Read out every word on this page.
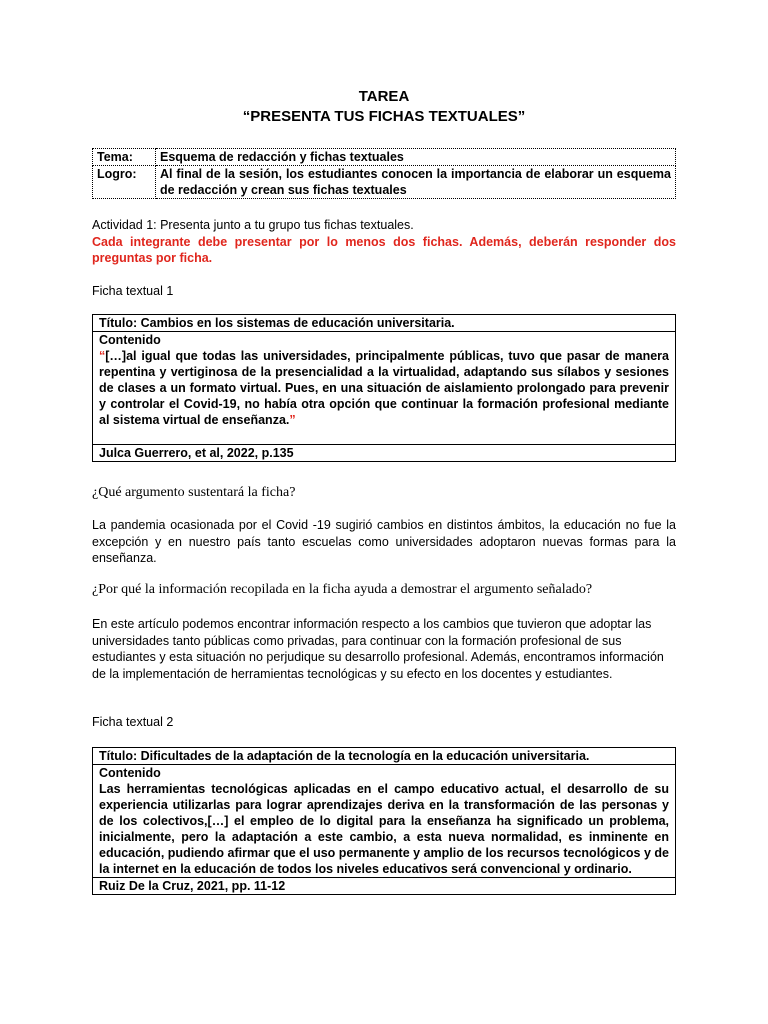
TAREA
“PRESENTA TUS FICHAS TEXTUALES”
Tema:	Esquema de redacción y fichas textuales
Logro:	Al final de la sesión, los estudiantes conocen la importancia de elaborar un esquema de redacción y crean sus fichas textuales
Actividad 1: Presenta junto a tu grupo tus fichas textuales.
Cada integrante debe presentar por lo menos dos fichas. Además, deberán responder dos preguntas por ficha.
Ficha textual 1
Título: Cambios en los sistemas de educación universitaria.
Contenido
“[…]al igual que todas las universidades, principalmente públicas, tuvo que pasar de manera repentina y vertiginosa de la presencialidad a la virtualidad, adaptando sus sílabos y sesiones de clases a un formato virtual. Pues, en una situación de aislamiento prolongado para prevenir y controlar el Covid-19, no había otra opción que continuar la formación profesional mediante al sistema virtual de enseñanza.”
Julca Guerrero, et al, 2022, p.135
¿Qué argumento sustentará la ficha?
La pandemia ocasionada por el Covid -19 sugirió cambios en distintos ámbitos, la educación no fue la excepción y en nuestro país tanto escuelas como universidades adoptaron nuevas formas para la enseñanza.
¿Por qué la información recopilada en la ficha ayuda a demostrar el argumento señalado?
En este artículo podemos encontrar información respecto a los cambios que tuvieron que adoptar las universidades tanto públicas como privadas, para continuar con la formación profesional de sus estudiantes y esta situación no perjudique su desarrollo profesional. Además, encontramos información de la implementación de herramientas tecnológicas y su efecto en los docentes y estudiantes.
Ficha textual 2
Título: Dificultades de la adaptación de la tecnología en la educación universitaria.
Contenido
Las herramientas tecnológicas aplicadas en el campo educativo actual, el desarrollo de su experiencia utilizarlas para lograr aprendizajes deriva en la transformación de las personas y de los colectivos,[…] el empleo de lo digital para la enseñanza ha significado un problema, inicialmente, pero la adaptación a este cambio, a esta nueva normalidad, es inminente en educación, pudiendo afirmar que el uso permanente y amplio de los recursos tecnológicos y de la internet en la educación de todos los niveles educativos será convencional y ordinario.
Ruiz De la Cruz, 2021, pp. 11-12
